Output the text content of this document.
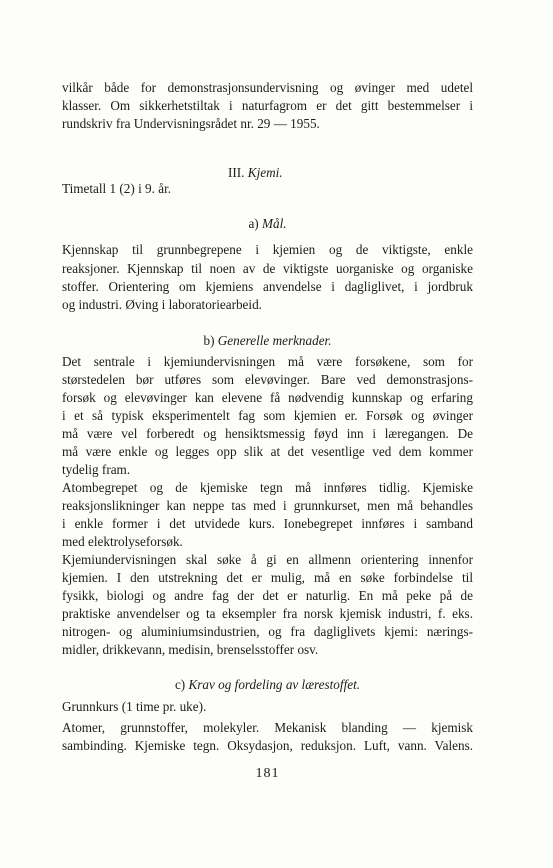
vilkår både for demonstrasjonsundervisning og øvinger med udetel
klasser. Om sikkerhetstiltak i naturfagrom er det gitt bestemmelser i
rundskriv fra Undervisningsrådet nr. 29 — 1955.
III. Kjemi.
Timetall 1 (2) i 9. år.
a) Mål.
Kjennskap til grunnbegrepene i kjemien og de viktigste, enkle
reaksjoner. Kjennskap til noen av de viktigste uorganiske og organiske
stoffer. Orientering om kjemiens anvendelse i dagliglivet, i jordbruk
og industri. Øving i laboratoriearbeid.
b) Generelle merknader.
Det sentrale i kjemiundervisningen må være forsøkene, som for
størstedelen bør utføres som elevøvinger. Bare ved demonstrasjons-
forsøk og elevøvinger kan elevene få nødvendig kunnskap og erfaring
i et så typisk eksperimentelt fag som kjemien er. Forsøk og øvinger
må være vel forberedt og hensiktsmessig føyd inn i læregangen. De
må være enkle og legges opp slik at det vesentlige ved dem kommer
tydelig fram.
Atombegrepet og de kjemiske tegn må innføres tidlig. Kjemiske
reaksjonslikninger kan neppe tas med i grunnkurset, men må behandles
i enkle former i det utvidede kurs. Ionebegrepet innføres i samband
med elektrolyseforsøk.
Kjemiundervisningen skal søke å gi en allmenn orientering innenfor
kjemien. I den utstrekning det er mulig, må en søke forbindelse til
fysikk, biologi og andre fag der det er naturlig. En må peke på de
praktiske anvendelser og ta eksempler fra norsk kjemisk industri, f. eks.
nitrogen- og aluminiumsindustrien, og fra dagliglivets kjemi: nærings-
midler, drikkevann, medisin, brenselsstoffer osv.
c) Krav og fordeling av lærestoffet.
Grunnkurs (1 time pr. uke).
Atomer, grunnstoffer, molekyler. Mekanisk blanding — kjemisk
sambinding. Kjemiske tegn. Oksydasjon, reduksjon. Luft, vann. Valens.
181
